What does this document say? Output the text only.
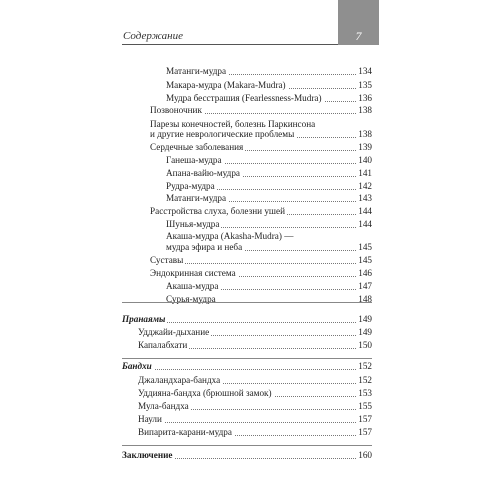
Содержание	7
Матанги-мудра	134
Макара-мудра (Makara-Mudra)	135
Мудра бесстрашия (Fearlessness-Mudra)	136
Позвоночник	138
Парезы конечностей, болезнь Паркинсона
и другие неврологические проблемы	138
Сердечные заболевания	139
Ганеша-мудра	140
Апана-вайю-мудра	141
Рудра-мудра	142
Матанги-мудра	143
Расстройства слуха, болезни ушей	144
Шунья-мудра	144
Акаша-мудра (Akasha-Mudra) —
мудра эфира и неба	145
Суставы	145
Эндокринная система	146
Акаша-мудра	147
Сурья-мудра	148
Пранаямы	149
Удджайи-дыхание	149
Капалабхати	150
Бандхи	152
Джаландхара-бандха	152
Уддияна-бандха (брюшной замок)	153
Мула-бандха	155
Наули	157
Випарита-карани-мудра	157
Заключение	160
